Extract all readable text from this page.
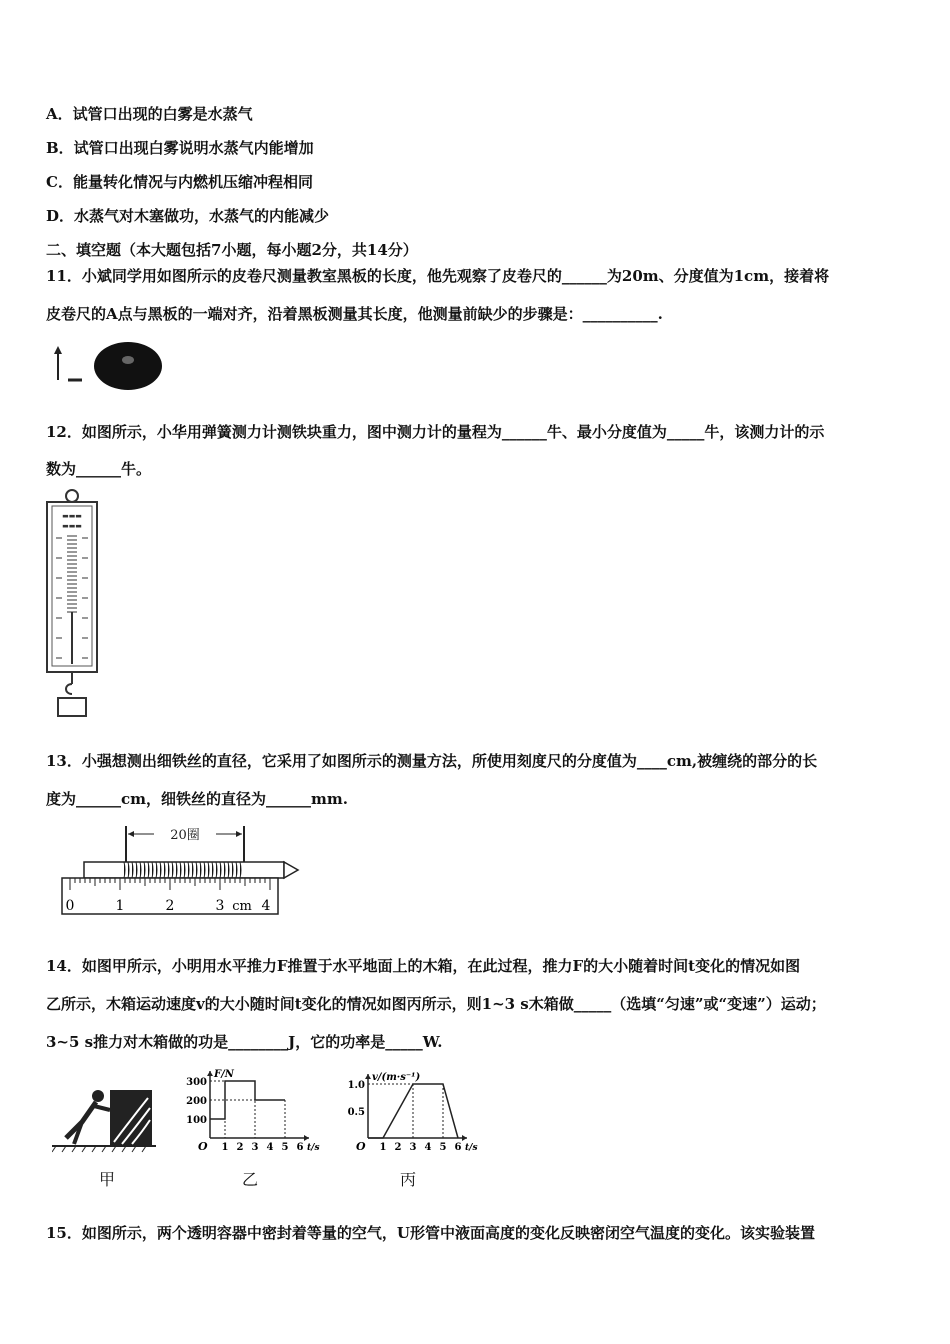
A．试管口出现的白雾是水蒸气
B．试管口出现白雾说明水蒸气内能增加
C．能量转化情况与内燃机压缩冲程相同
D．水蒸气对木塞做功，水蒸气的内能减少
二、填空题（本大题包括7小题，每小题2分，共14分）
11．小斌同学用如图所示的皮卷尺测量教室黑板的长度，他先观察了皮卷尺的______为20m、分度值为1cm，接着将
皮卷尺的A点与黑板的一端对齐，沿着黑板测量其长度，他测量前缺少的步骤是：__________.
12．如图所示，小华用弹簧测力计测铁块重力，图中测力计的量程为______牛、最小分度值为_____牛，该测力计的示
数为______牛。
▬▬▬
▬▬▬
13．小强想测出细铁丝的直径，它采用了如图所示的测量方法，所使用刻度尺的分度值为____cm,被缠绕的部分的长
度为______cm，细铁丝的直径为______mm.
20圈
0	1	2	3 cm 4
14．如图甲所示，小明用水平推力F推置于水平地面上的木箱，在此过程，推力F的大小随着时间t变化的情况如图
乙所示，木箱运动速度v的大小随时间t变化的情况如图丙所示，则1~3 s木箱做_____（选填“匀速”或“变速”）运动；
3~5 s推力对木箱做的功是________J，它的功率是_____W.
甲
F/N
O 1 2 3 4 5 6 t/s
100
200
300
乙
v/(m·s⁻¹)
O 1 2 3 4 5 6 t/s
0.5
1.0
丙
15．如图所示，两个透明容器中密封着等量的空气，U形管中液面高度的变化反映密闭空气温度的变化。该实验装置
